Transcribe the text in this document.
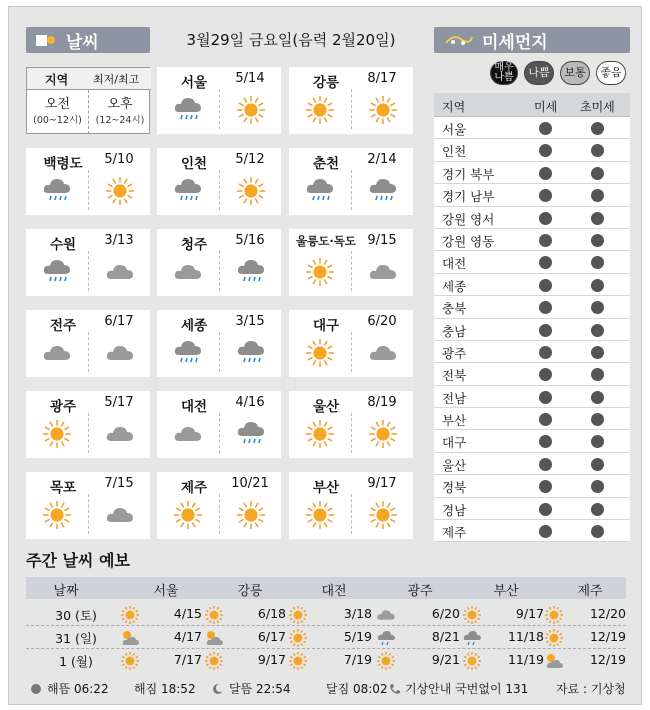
날씨	3월29일 금요일(음력 2월20일)	미세먼지
지역 최저/최고
오전
(00~12시)
오후
(12~24시)
서울	5/14	강릉	8/17
백령도	5/10	인천	5/12	춘천	2/14
수원	3/13	청주	5/16	울릉도·독도 9/15
전주	6/17	세종	3/15	대구	6/20
광주	5/17	대전	4/16	울산	8/19
목포	7/15	제주	10/21	부산	9/17
매우나쁨	나쁨	보통	좋음
지역	미세 초미세
서울
인천
경기 북부
경기 남부
강원 영서
강원 영동
대전
세종
충북
충남
광주
전북
전남
부산
대구
울산
경북
경남
제주
주간 날씨 예보
날짜	서울	강릉	대전	광주	부산	제주
30 (토)	4/15	6/18	3/18	6/20	9/17	12/20
31 (일)	4/17	6/17	5/19	8/21	11/18	12/19
1 (월)	7/17	9/17	7/19	9/21	11/19	12/19
해뜸 06:22 해짐 18:52	달뜸 22:54	달짐 08:02 기상안내 국번없이 131 자료 : 기상청
